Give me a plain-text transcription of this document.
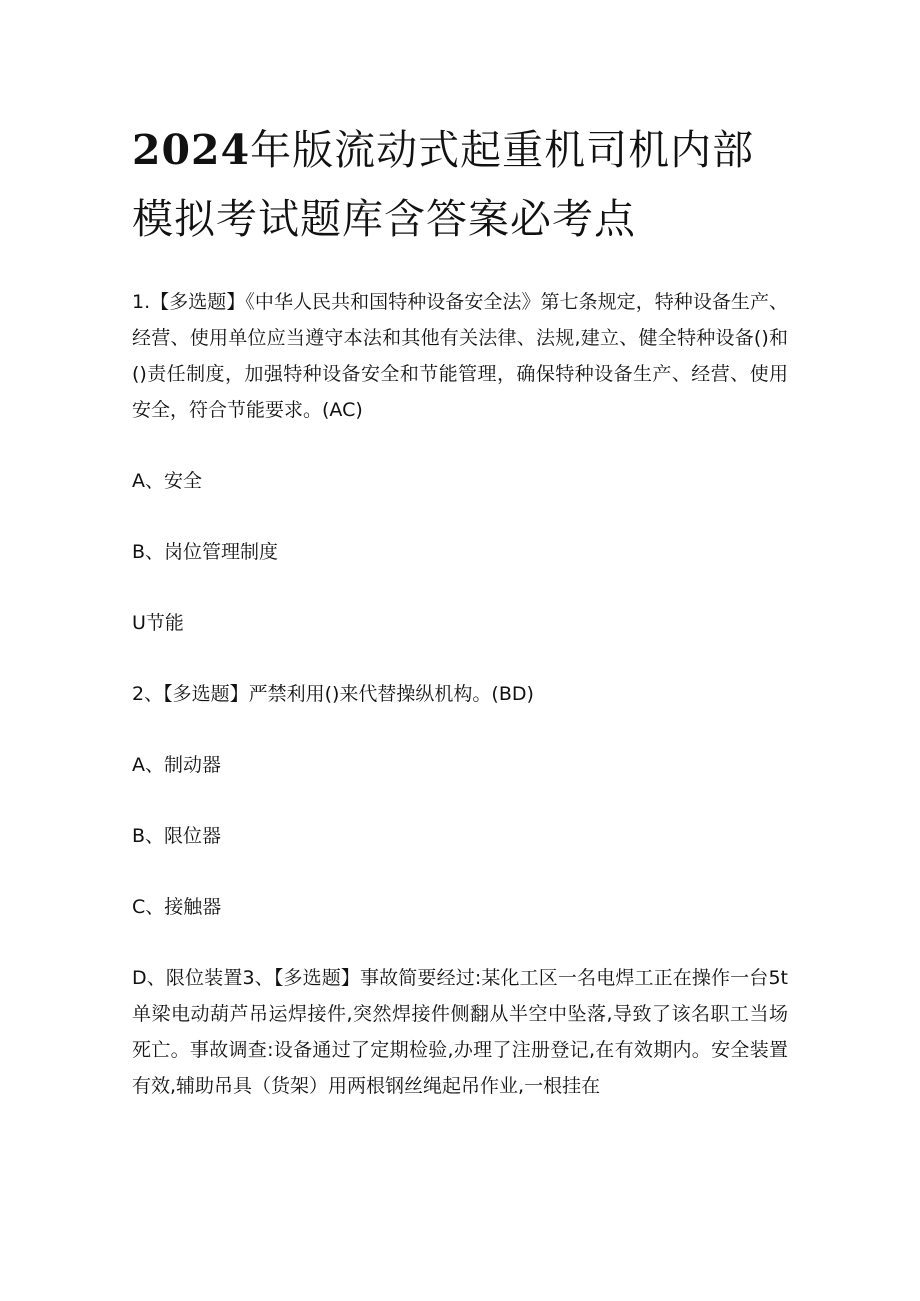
2024年版流动式起重机司机内部模拟考试题库含答案必考点

1.【多选题】《中华人民共和国特种设备安全法》第七条规定，特种设备生产、经营、使用单位应当遵守本法和其他有关法律、法规,建立、健全特种设备()和()责任制度，加强特种设备安全和节能管理，确保特种设备生产、经营、使用安全，符合节能要求。(AC)

A、安全

B、岗位管理制度

U节能

2、【多选题】严禁利用()来代替操纵机构。(BD)

A、制动器

B、限位器

C、接触器

D、限位装置3、【多选题】事故简要经过:某化工区一名电焊工正在操作一台5t单梁电动葫芦吊运焊接件,突然焊接件侧翻从半空中坠落,导致了该名职工当场死亡。事故调查:设备通过了定期检验,办理了注册登记,在有效期内。安全装置有效,辅助吊具（货架）用两根钢丝绳起吊作业,一根挂在
